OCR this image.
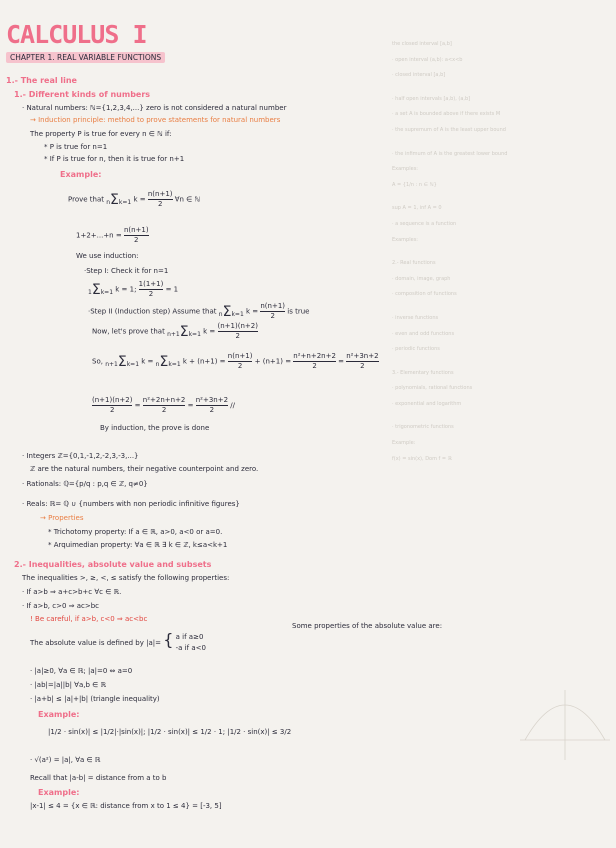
the closed interval [a,b]
· open interval (a,b): a<x<b
· closed interval [a,b]
· half open intervals [a,b), (a,b]
· a set A is bounded above if there exists M
· the supremum of A is the least upper bound
· the infimum of A is the greatest lower bound
Examples:
A = {1/n : n ∈ ℕ}
sup A = 1, inf A = 0
· a sequence is a function
Examples:
2.- Real functions
· domain, image, graph
· composition of functions
· inverse functions
· even and odd functions
· periodic functions
3.- Elementary functions
· polynomials, rational functions
· exponential and logarithm
· trigonometric functions
Example:
f(x) = sin(x), Dom f = ℝ
CALCULUS I
CHAPTER 1. REAL VARIABLE FUNCTIONS
1.- The real line
1.- Different kinds of numbers
· Natural numbers: ℕ={1,2,3,4,...} zero is not considered a natural number
→ Induction principle: method to prove statements for natural numbers
The property P is true for every n ∈ ℕ if:
* P is true for n=1
* If P is true for n, then it is true for n+1
Example:
Prove that nΣk=1 $k = \frac{n(n+1)}{2}$ ∀n ∈ ℕ
$1+2+...+n = \frac{n(n+1)}{2}$
We use induction:
·Step I: Check it for n=1
1Σk=1 k = 1; $\frac{1(1+1)}{2} = 1$
·Step II (Induction step) Assume that nΣk=1 $k = \frac{n(n+1)}{2}$ is true
Now, let's prove that n+1Σk=1 $k = \frac{(n+1)(n+2)}{2}$
So, n+1Σk=1 k = nΣk=1 $k + (n+1) = \frac{n(n+1)}{2} + (n+1) = \frac{\text{n²+n+2n+2}}{2} = \frac{\text{n²+3n+2}}{2}$
$\frac{(n+1)(n+2)}{2} = \frac{\text{n²+2n+n+2}}{2} = \frac{\text{n²+3n+2}}{2}$ //
By induction, the prove is done
· Integers ℤ={0,1,-1,2,-2,3,-3,...}
ℤ are the natural numbers, their negative counterpoint and zero.
· Rationals: ℚ={p/q : p,q ∈ ℤ, q≠0}
· Reals: ℝ= ℚ ∪ {numbers with non periodic infinitive figures}
→ Properties
* Trichotomy property: If a ∈ ℝ, a>0, a<0 or a=0.
* Arquimedian property: ∀a ∈ ℝ ∃ k ∈ ℤ, k≤a<k+1
2.- Inequalities, absolute value and subsets
The inequalities >, ≥, <, ≤ satisfy the following properties:
· If a>b ⇒ a+c>b+c ∀c ∈ ℝ.
· If a>b, c>0 ⇒ ac>bc
! Be careful, if a>b, c<0 ⇒ ac<bc
The absolute value is defined by |a|= { a if a≥0
-a if a<0
Some properties of the absolute value are:
· |a|≥0, ∀a ∈ ℝ; |a|=0 ⇔ a=0
· |ab|=|a||b| ∀a,b ∈ ℝ
· |a+b| ≤ |a|+|b| (triangle inequality)
Example:
|1/2 · sin(x)| ≤ |1/2|·|sin(x)|; |1/2 · sin(x)| ≤ 1/2 · 1; |1/2 · sin(x)| ≤ 3/2
· √(a²) = |a|, ∀a ∈ ℝ
Recall that |a-b| = distance from a to b
Example:
|x-1| ≤ 4 = {x ∈ ℝ: distance from x to 1 ≤ 4} = [-3, 5]
